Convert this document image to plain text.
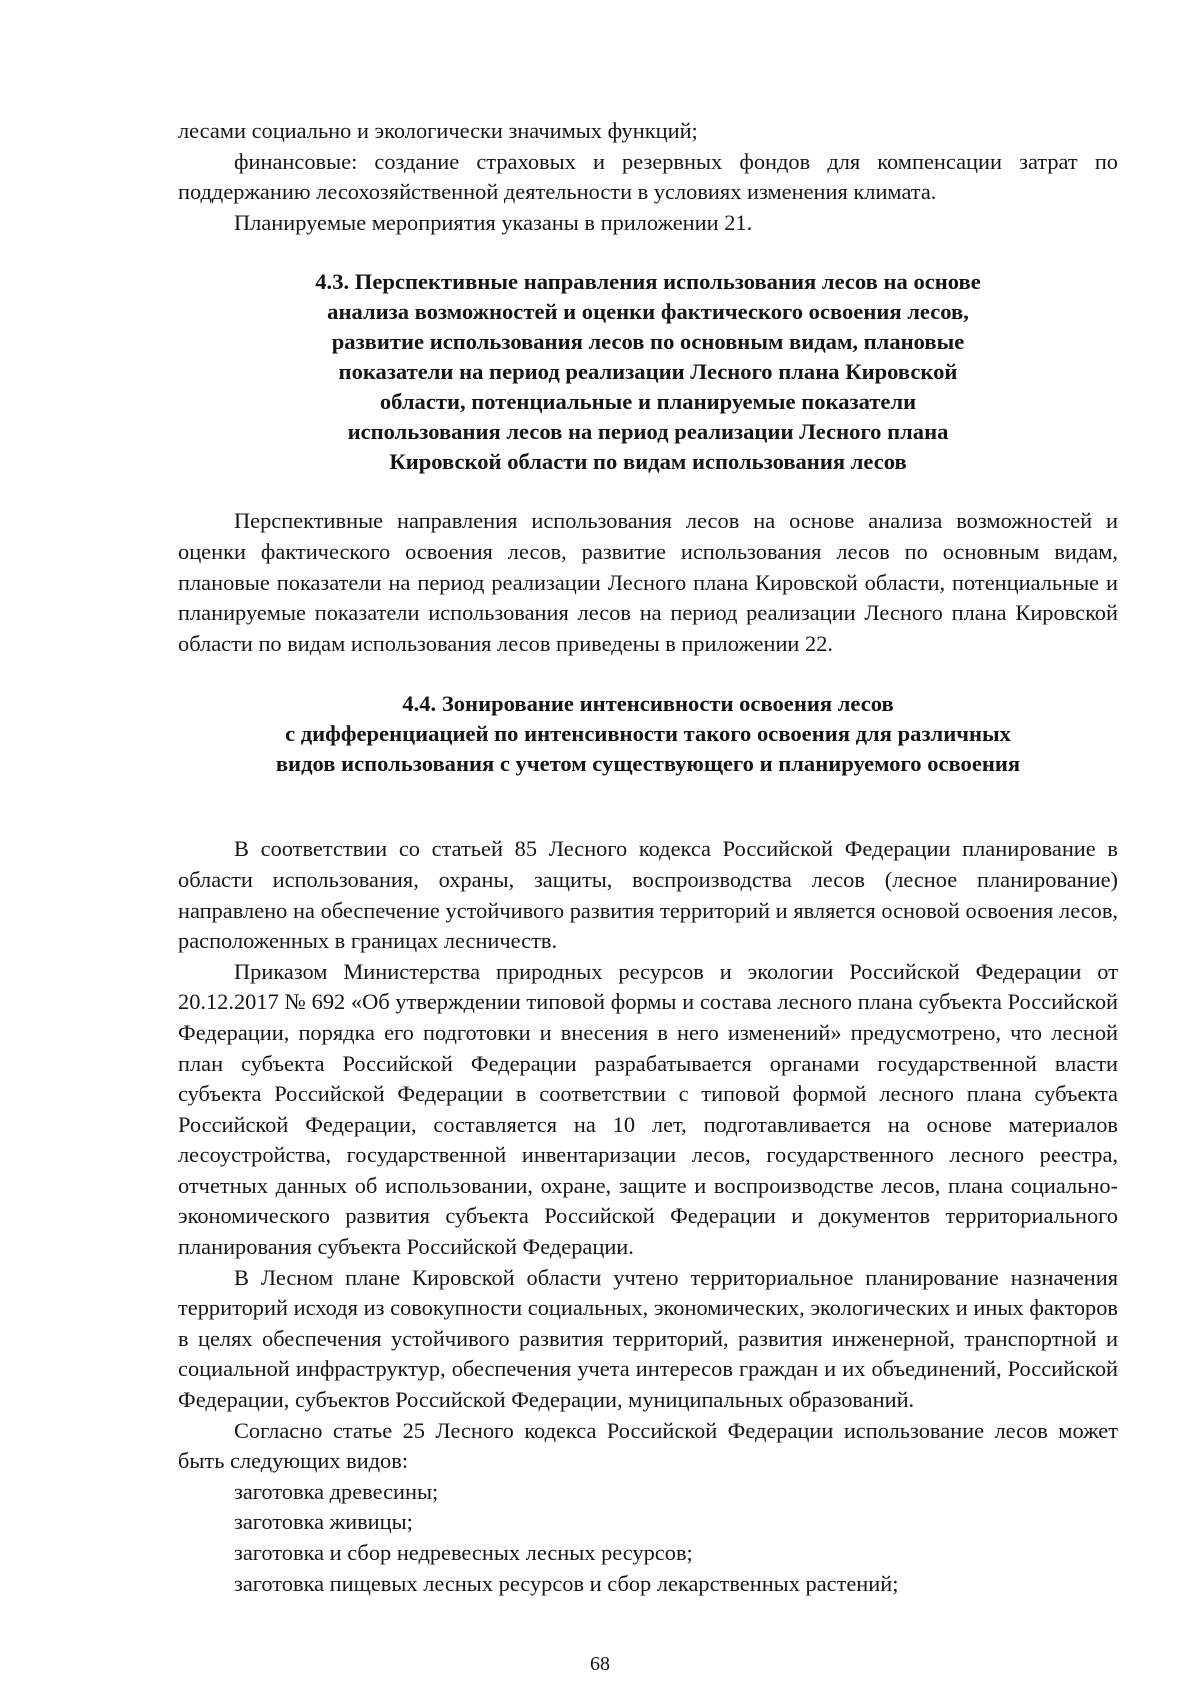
лесами социально и экологически значимых функций;

финансовые: создание страховых и резервных фондов для компенсации затрат по поддержанию лесохозяйственной деятельности в условиях изменения климата.

Планируемые мероприятия указаны в приложении 21.

4.3. Перспективные направления использования лесов на основе
анализа возможностей и оценки фактического освоения лесов,
развитие использования лесов по основным видам, плановые
показатели на период реализации Лесного плана Кировской
области, потенциальные и планируемые показатели
использования лесов на период реализации Лесного плана
Кировской области по видам использования лесов

Перспективные направления использования лесов на основе анализа возможностей и оценки фактического освоения лесов, развитие использования лесов по основным видам, плановые показатели на период реализации Лесного плана Кировской области, потенциальные и планируемые показатели использования лесов на период реализации Лесного плана Кировской области по видам использования лесов приведены в приложении 22.

4.4. Зонирование интенсивности освоения лесов
с дифференциацией по интенсивности такого освоения для различных
видов использования с учетом существующего и планируемого освоения

В соответствии со статьей 85 Лесного кодекса Российской Федерации планирование в области использования, охраны, защиты, воспроизводства лесов (лесное планирование) направлено на обеспечение устойчивого развития территорий и является основой освоения лесов, расположенных в границах лесничеств.

Приказом Министерства природных ресурсов и экологии Российской Федерации от 20.12.2017 № 692 «Об утверждении типовой формы и состава лесного плана субъекта Российской Федерации, порядка его подготовки и внесения в него изменений» предусмотрено, что лесной план субъекта Российской Федерации разрабатывается органами государственной власти субъекта Российской Федерации в соответствии с типовой формой лесного плана субъекта Российской Федерации, составляется на 10 лет, подготавливается на основе материалов лесоустройства, государственной инвентаризации лесов, государственного лесного реестра, отчетных данных об использовании, охране, защите и воспроизводстве лесов, плана социально-экономического развития субъекта Российской Федерации и документов территориального планирования субъекта Российской Федерации.

В Лесном плане Кировской области учтено территориальное планирование назначения территорий исходя из совокупности социальных, экономических, экологических и иных факторов в целях обеспечения устойчивого развития территорий, развития инженерной, транспортной и социальной инфраструктур, обеспечения учета интересов граждан и их объединений, Российской Федерации, субъектов Российской Федерации, муниципальных образований.

Согласно статье 25 Лесного кодекса Российской Федерации использование лесов может быть следующих видов:

заготовка древесины;

заготовка живицы;

заготовка и сбор недревесных лесных ресурсов;

заготовка пищевых лесных ресурсов и сбор лекарственных растений;

68
